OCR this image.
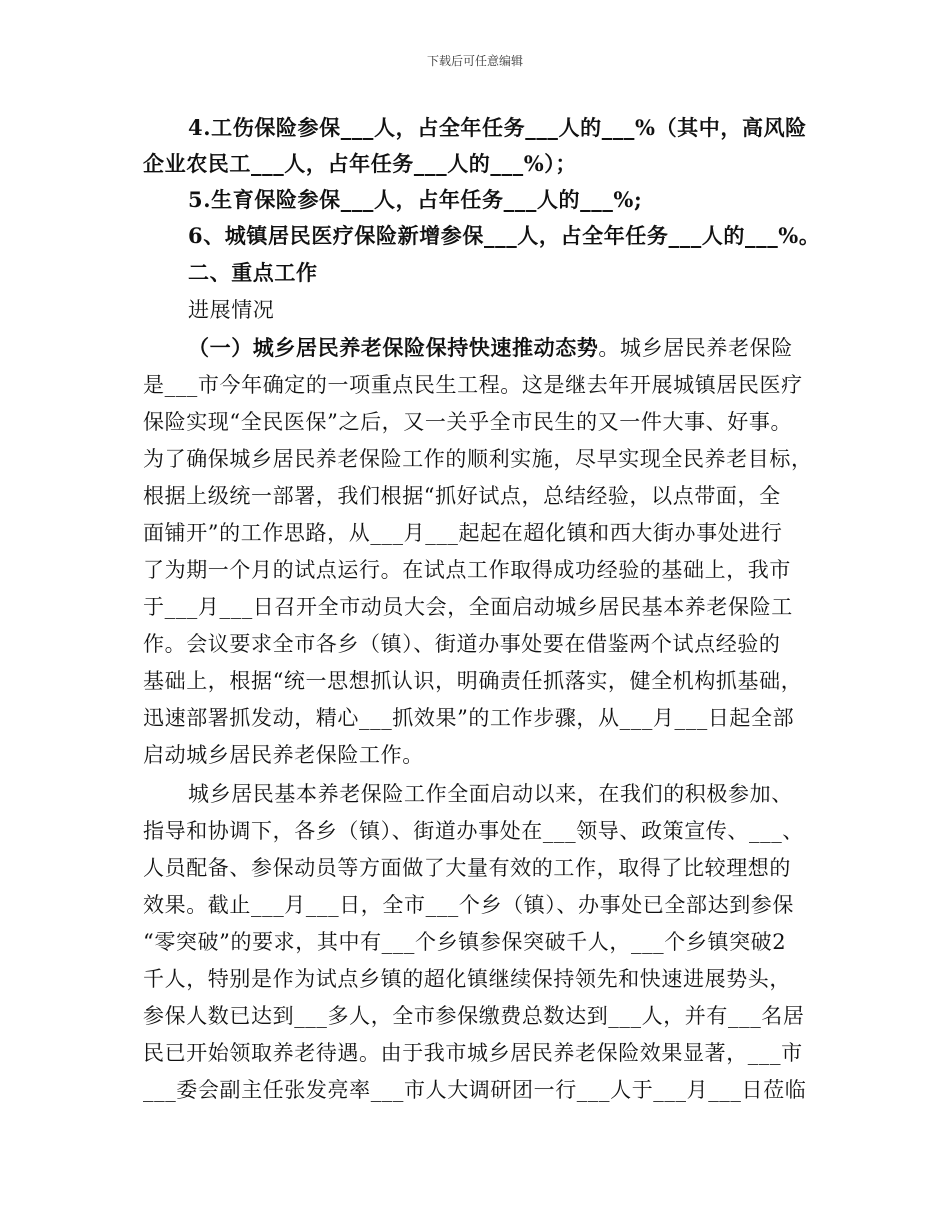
下载后可任意编辑
4.工伤保险参保___人，占全年任务___人的___%（其中，高风险
企业农民工___人，占年任务___人的___%）；
5.生育保险参保___人，占年任务___人的___%;
6、城镇居民医疗保险新增参保___人，占全年任务___人的___%。
二、重点工作
进展情况
（一）城乡居民养老保险保持快速推动态势。城乡居民养老保险
是___市今年确定的一项重点民生工程。这是继去年开展城镇居民医疗
保险实现“全民医保”之后，又一关乎全市民生的又一件大事、好事。
为了确保城乡居民养老保险工作的顺利实施，尽早实现全民养老目标，
根据上级统一部署，我们根据“抓好试点，总结经验，以点带面，全
面铺开”的工作思路，从___月___起起在超化镇和西大街办事处进行
了为期一个月的试点运行。在试点工作取得成功经验的基础上，我市
于___月___日召开全市动员大会，全面启动城乡居民基本养老保险工
作。会议要求全市各乡（镇）、街道办事处要在借鉴两个试点经验的
基础上，根据“统一思想抓认识，明确责任抓落实，健全机构抓基础，
迅速部署抓发动，精心___抓效果”的工作步骤，从___月___日起全部
启动城乡居民养老保险工作。
城乡居民基本养老保险工作全面启动以来，在我们的积极参加、
指导和协调下，各乡（镇）、街道办事处在___领导、政策宣传、___、
人员配备、参保动员等方面做了大量有效的工作，取得了比较理想的
效果。截止___月___日，全市___个乡（镇）、办事处已全部达到参保
“零突破”的要求，其中有___个乡镇参保突破千人，___个乡镇突破2
千人，特别是作为试点乡镇的超化镇继续保持领先和快速进展势头，
参保人数已达到___多人，全市参保缴费总数达到___人，并有___名居
民已开始领取养老待遇。由于我市城乡居民养老保险效果显著，___市
___委会副主任张发亮率___市人大调研团一行___人于___月___日莅临
